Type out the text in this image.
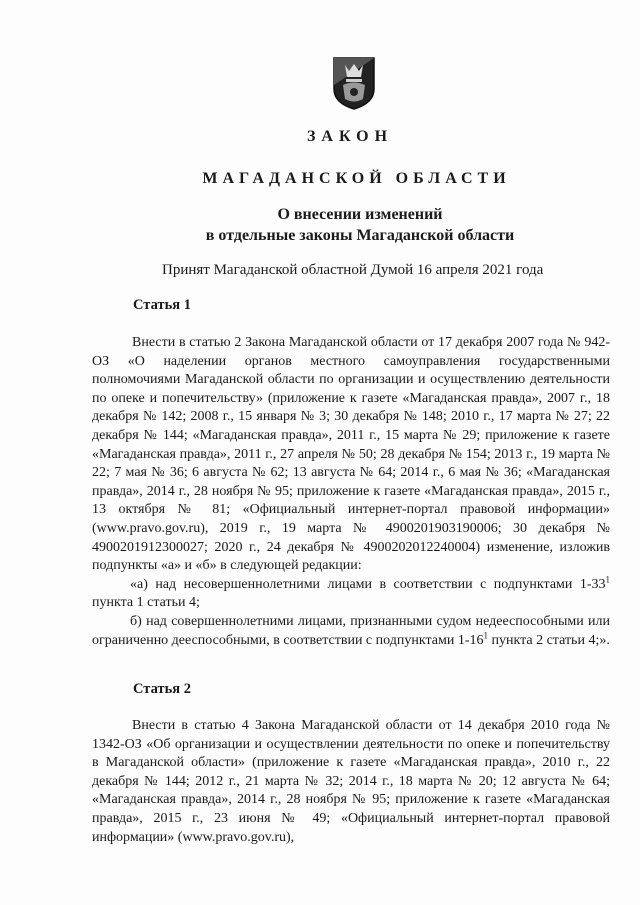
ЗАКОН
МАГАДАНСКОЙ ОБЛАСТИ
О внесении изменений
в отдельные законы Магаданской области
Принят Магаданской областной Думой 16 апреля 2021 года
Статья 1

Внести в статью 2 Закона Магаданской области от 17 декабря 2007 года № 942-ОЗ «О наделении органов местного самоуправления государственными полномочиями Магаданской области по организации и осуществлению деятельности по опеке и попечительству» (приложение к газете «Магаданская правда», 2007 г., 18 декабря № 142; 2008 г., 15 января № 3; 30 декабря № 148; 2010 г., 17 марта № 27; 22 декабря № 144; «Магаданская правда», 2011 г., 15 марта № 29; приложение к газете «Магаданская правда», 2011 г., 27 апреля № 50; 28 декабря № 154; 2013 г., 19 марта № 22; 7 мая № 36; 6 августа № 62; 13 августа № 64; 2014 г., 6 мая № 36; «Магаданская правда», 2014 г., 28 ноября № 95; приложение к газете «Магаданская правда», 2015 г., 13 октября № 81; «Официальный интернет-портал правовой информации» (www.pravo.gov.ru), 2019 г., 19 марта № 4900201903190006; 30 декабря № 4900201912300027; 2020 г., 24 декабря № 4900202012240004) изменение, изложив подпункты «а» и «б» в следующей редакции:

«а) над несовершеннолетними лицами в соответствии с подпунктами $1-33^1$ пункта 1 статьи 4;

б) над совершеннолетними лицами, признанными судом недееспособными или ограниченно дееспособными, в соответствии с подпунктами $1-16^1$ пункта 2 статьи 4;».

Статья 2

Внести в статью 4 Закона Магаданской области от 14 декабря 2010 года № 1342-ОЗ «Об организации и осуществлении деятельности по опеке и попечительству в Магаданской области» (приложение к газете «Магаданская правда», 2010 г., 22 декабря № 144; 2012 г., 21 марта № 32; 2014 г., 18 марта № 20; 12 августа № 64; «Магаданская правда», 2014 г., 28 ноября № 95; приложение к газете «Магаданская правда», 2015 г., 23 июня № 49; «Официальный интернет-портал правовой информации» (www.pravo.gov.ru),
